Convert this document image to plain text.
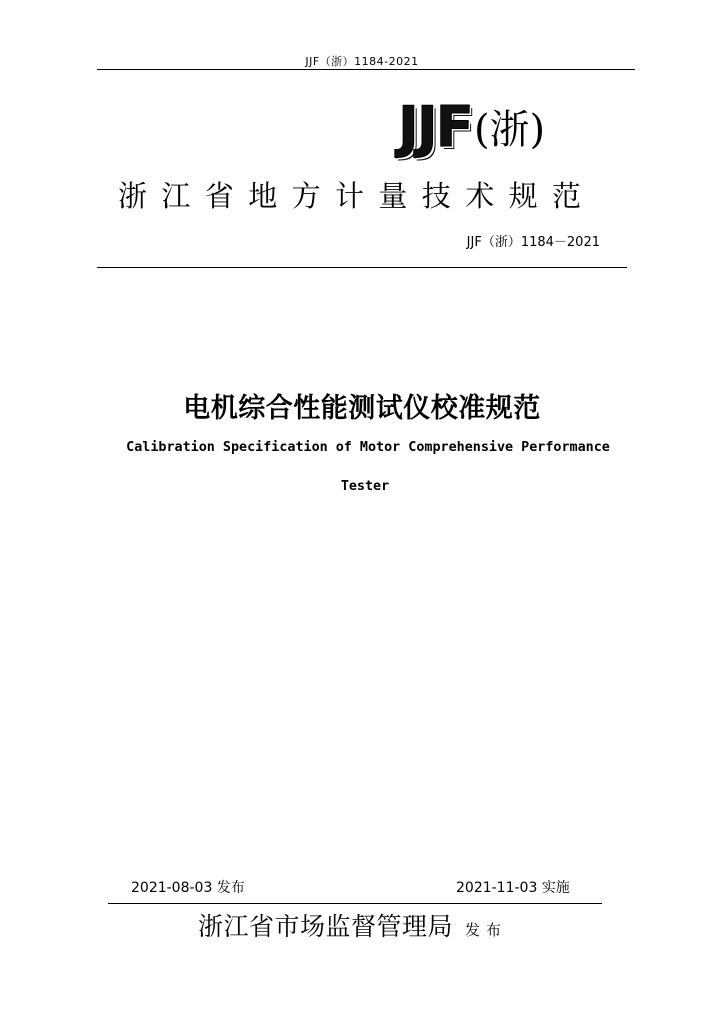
JJF（浙）1184-2021
JJF (浙)
浙江省地方计量技术规范
JJF（浙）1184－2021
电机综合性能测试仪校准规范
Calibration Specification of Motor Comprehensive Performance
Tester
2021-08-03 发布	2021-11-03 实施
浙江省市场监督管理局 发布
